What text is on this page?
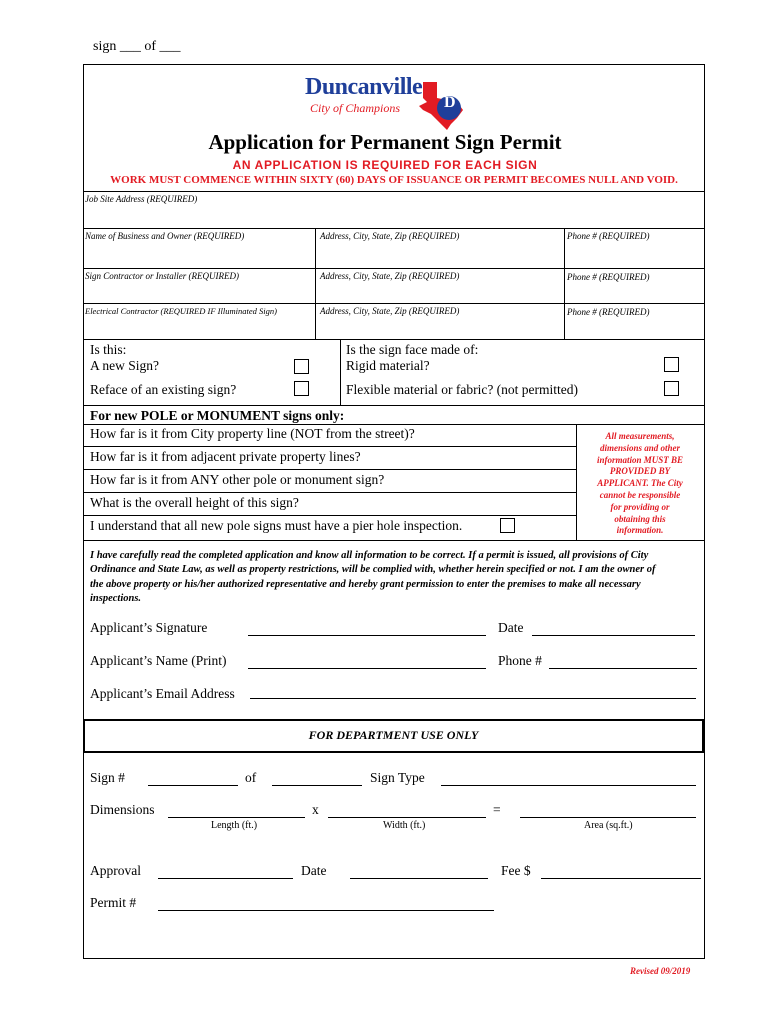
sign ___ of ___
Duncanville
City of Champions	D
Application for Permanent Sign Permit
AN APPLICATION IS REQUIRED FOR EACH SIGN
WORK MUST COMMENCE WITHIN SIXTY (60) DAYS OF ISSUANCE OR PERMIT BECOMES NULL AND VOID.
Job Site Address (REQUIRED)
Name of Business and Owner (REQUIRED)	Address, City, State, Zip (REQUIRED)	Phone # (REQUIRED)
Sign Contractor or Installer (REQUIRED)	Address, City, State, Zip (REQUIRED)	Phone # (REQUIRED)
Electrical Contractor (REQUIRED IF Illuminated Sign)	Address, City, State, Zip (REQUIRED)	Phone # (REQUIRED)
Is this:
A new Sign?
Reface of an existing sign?
Is the sign face made of:
Rigid material?
Flexible material or fabric? (not permitted)
For new POLE or MONUMENT signs only:
How far is it from City property line (NOT from the street)?
How far is it from adjacent private property lines?
How far is it from ANY other pole or monument sign?
What is the overall height of this sign?
I understand that all new pole signs must have a pier hole inspection.
All measurements,
dimensions and other
information MUST BE
PROVIDED BY
APPLICANT. The City
cannot be responsible
for providing or
obtaining this
information.
I have carefully read the completed application and know all information to be correct. If a permit is issued, all provisions of City
Ordinance and State Law, as well as property restrictions, will be complied with, whether herein specified or not. I am the owner of
the above property or his/her authorized representative and hereby grant permission to enter the premises to make all necessary
inspections.
Applicant’s Signature	Date
Applicant’s Name (Print)	Phone #
Applicant’s Email Address
FOR DEPARTMENT USE ONLY
Sign #	of	Sign Type
Dimensions	x	=
Length (ft.)	Width (ft.)	Area (sq.ft.)
Approval	Date	Fee $
Permit #
Revised 09/2019
